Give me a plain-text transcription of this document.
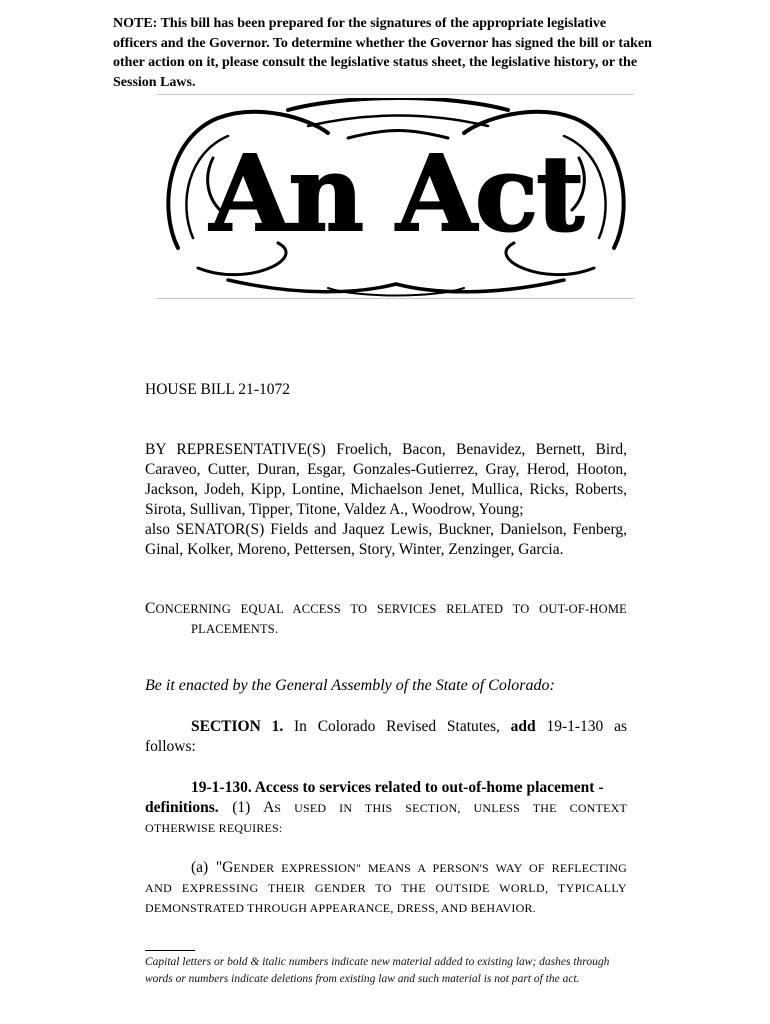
NOTE: This bill has been prepared for the signatures of the appropriate legislative officers and the Governor. To determine whether the Governor has signed the bill or taken other action on it, please consult the legislative status sheet, the legislative history, or the Session Laws.
An Act
HOUSE BILL 21-1072
BY REPRESENTATIVE(S) Froelich, Bacon, Benavidez, Bernett, Bird,
Caraveo, Cutter, Duran, Esgar, Gonzales-Gutierrez, Gray, Herod, Hooton,
Jackson, Jodeh, Kipp, Lontine, Michaelson Jenet, Mullica, Ricks, Roberts,
Sirota, Sullivan, Tipper, Titone, Valdez A., Woodrow, Young;
also SENATOR(S) Fields and Jaquez Lewis, Buckner, Danielson, Fenberg,
Ginal, Kolker, Moreno, Pettersen, Story, Winter, Zenzinger, Garcia.
CONCERNING EQUAL ACCESS TO SERVICES RELATED TO OUT-OF-HOME
PLACEMENTS.
Be it enacted by the General Assembly of the State of Colorado:
SECTION 1. In Colorado Revised Statutes, add 19-1-130 as
follows:
19-1-130. Access to services related to out-of-home placement -
definitions. (1) AS USED IN THIS SECTION, UNLESS THE CONTEXT
OTHERWISE REQUIRES:
(a) "GENDER EXPRESSION" MEANS A PERSON'S WAY OF REFLECTING
AND EXPRESSING THEIR GENDER TO THE OUTSIDE WORLD, TYPICALLY
DEMONSTRATED THROUGH APPEARANCE, DRESS, AND BEHAVIOR.
Capital letters or bold & italic numbers indicate new material added to existing law; dashes through words or numbers indicate deletions from existing law and such material is not part of the act.
